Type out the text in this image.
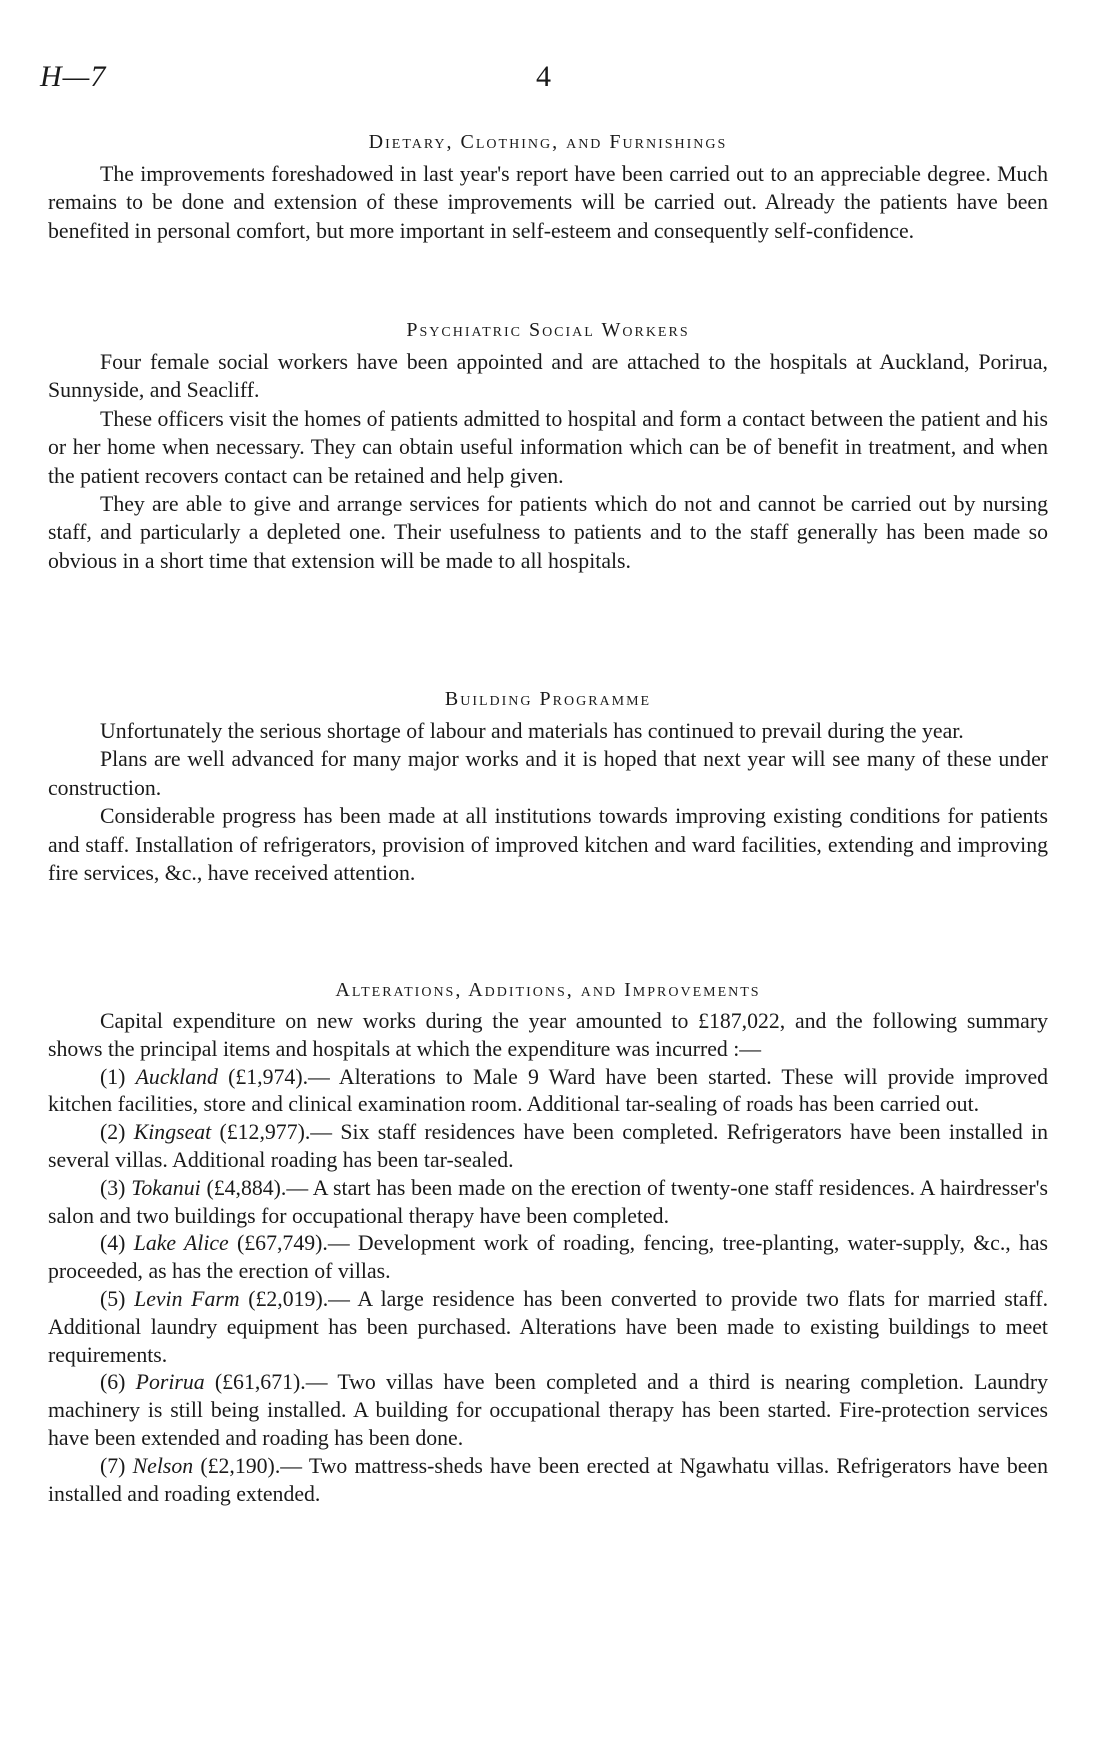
H—7	4
Dietary, Clothing, and Furnishings

The improvements foreshadowed in last year's report have been carried out to an appreciable degree. Much remains to be done and extension of these improvements will be carried out. Already the patients have been benefited in personal comfort, but more important in self-esteem and consequently self-confidence.

Psychiatric Social Workers

Four female social workers have been appointed and are attached to the hospitals at Auckland, Porirua, Sunnyside, and Seacliff.

These officers visit the homes of patients admitted to hospital and form a contact between the patient and his or her home when necessary. They can obtain useful information which can be of benefit in treatment, and when the patient recovers contact can be retained and help given.

They are able to give and arrange services for patients which do not and cannot be carried out by nursing staff, and particularly a depleted one. Their usefulness to patients and to the staff generally has been made so obvious in a short time that extension will be made to all hospitals.

Building Programme

Unfortunately the serious shortage of labour and materials has continued to prevail during the year.

Plans are well advanced for many major works and it is hoped that next year will see many of these under construction.

Considerable progress has been made at all institutions towards improving existing conditions for patients and staff. Installation of refrigerators, provision of improved kitchen and ward facilities, extending and improving fire services, &c., have received attention.

Alterations, Additions, and Improvements

Capital expenditure on new works during the year amounted to £187,022, and the following summary shows the principal items and hospitals at which the expenditure was incurred :—

(1) Auckland (£1,974).— Alterations to Male 9 Ward have been started. These will provide improved kitchen facilities, store and clinical examination room. Additional tar-sealing of roads has been carried out.

(2) Kingseat (£12,977).— Six staff residences have been completed. Refrigerators have been installed in several villas. Additional roading has been tar-sealed.

(3) Tokanui (£4,884).— A start has been made on the erection of twenty-one staff residences. A hairdresser's salon and two buildings for occupational therapy have been completed.

(4) Lake Alice (£67,749).— Development work of roading, fencing, tree-planting, water-supply, &c., has proceeded, as has the erection of villas.

(5) Levin Farm (£2,019).— A large residence has been converted to provide two flats for married staff. Additional laundry equipment has been purchased. Alterations have been made to existing buildings to meet requirements.

(6) Porirua (£61,671).— Two villas have been completed and a third is nearing completion. Laundry machinery is still being installed. A building for occupational therapy has been started. Fire-protection services have been extended and roading has been done.

(7) Nelson (£2,190).— Two mattress-sheds have been erected at Ngawhatu villas. Refrigerators have been installed and roading extended.
